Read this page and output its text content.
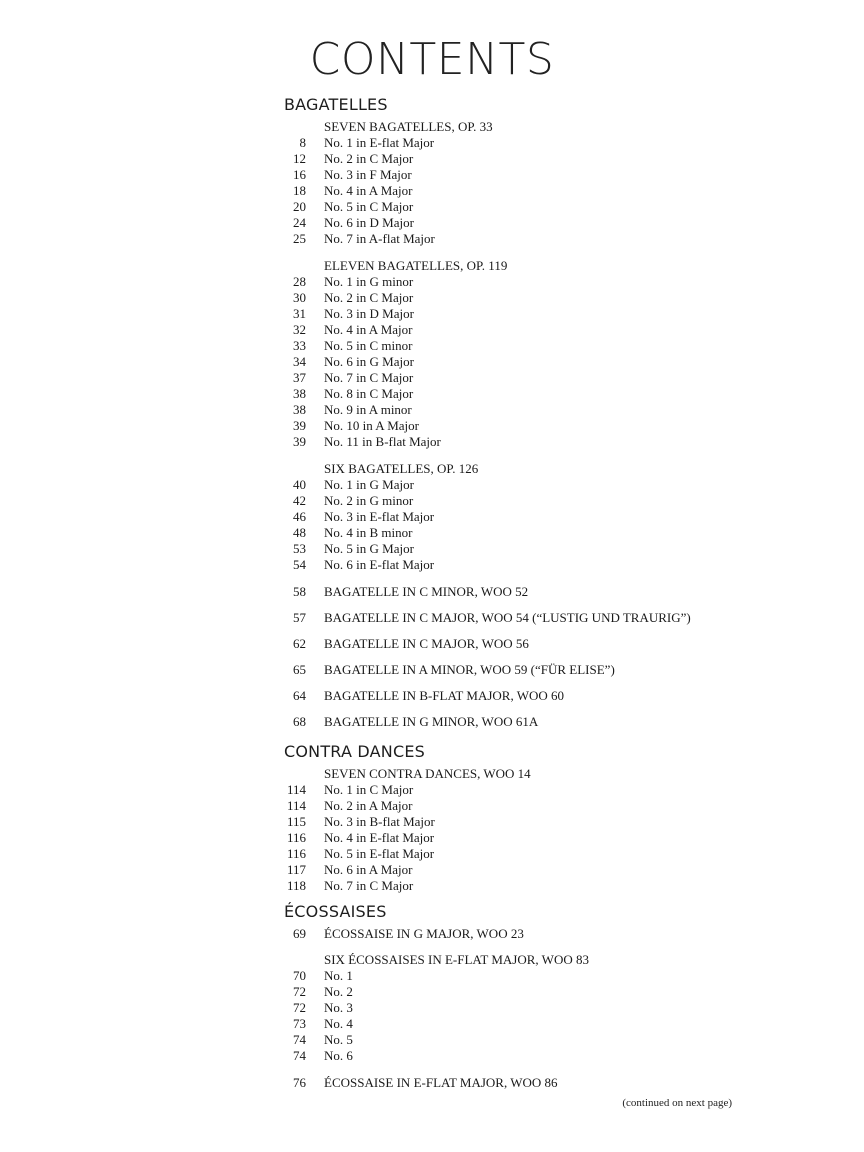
CONTENTS
BAGATELLES
SEVEN BAGATELLES, OP. 33
8 No. 1 in E-flat Major
12 No. 2 in C Major
16 No. 3 in F Major
18 No. 4 in A Major
20 No. 5 in C Major
24 No. 6 in D Major
25 No. 7 in A-flat Major
ELEVEN BAGATELLES, OP. 119
28 No. 1 in G minor
30 No. 2 in C Major
31 No. 3 in D Major
32 No. 4 in A Major
33 No. 5 in C minor
34 No. 6 in G Major
37 No. 7 in C Major
38 No. 8 in C Major
38 No. 9 in A minor
39 No. 10 in A Major
39 No. 11 in B-flat Major
SIX BAGATELLES, OP. 126
40 No. 1 in G Major
42 No. 2 in G minor
46 No. 3 in E-flat Major
48 No. 4 in B minor
53 No. 5 in G Major
54 No. 6 in E-flat Major
58 BAGATELLE IN C MINOR, WOO 52
57 BAGATELLE IN C MAJOR, WOO 54 (“LUSTIG UND TRAURIG”)
62 BAGATELLE IN C MAJOR, WOO 56
65 BAGATELLE IN A MINOR, WOO 59 (“FÜR ELISE”)
64 BAGATELLE IN B-FLAT MAJOR, WOO 60
68 BAGATELLE IN G MINOR, WOO 61A
CONTRA DANCES
SEVEN CONTRA DANCES, WOO 14
114 No. 1 in C Major
114 No. 2 in A Major
115 No. 3 in B-flat Major
116 No. 4 in E-flat Major
116 No. 5 in E-flat Major
117 No. 6 in A Major
118 No. 7 in C Major
ÉCOSSAISES
69 ÉCOSSAISE IN G MAJOR, WOO 23
SIX ÉCOSSAISES IN E-FLAT MAJOR, WOO 83
70 No. 1
72 No. 2
72 No. 3
73 No. 4
74 No. 5
74 No. 6
76 ÉCOSSAISE IN E-FLAT MAJOR, WOO 86
(continued on next page)
